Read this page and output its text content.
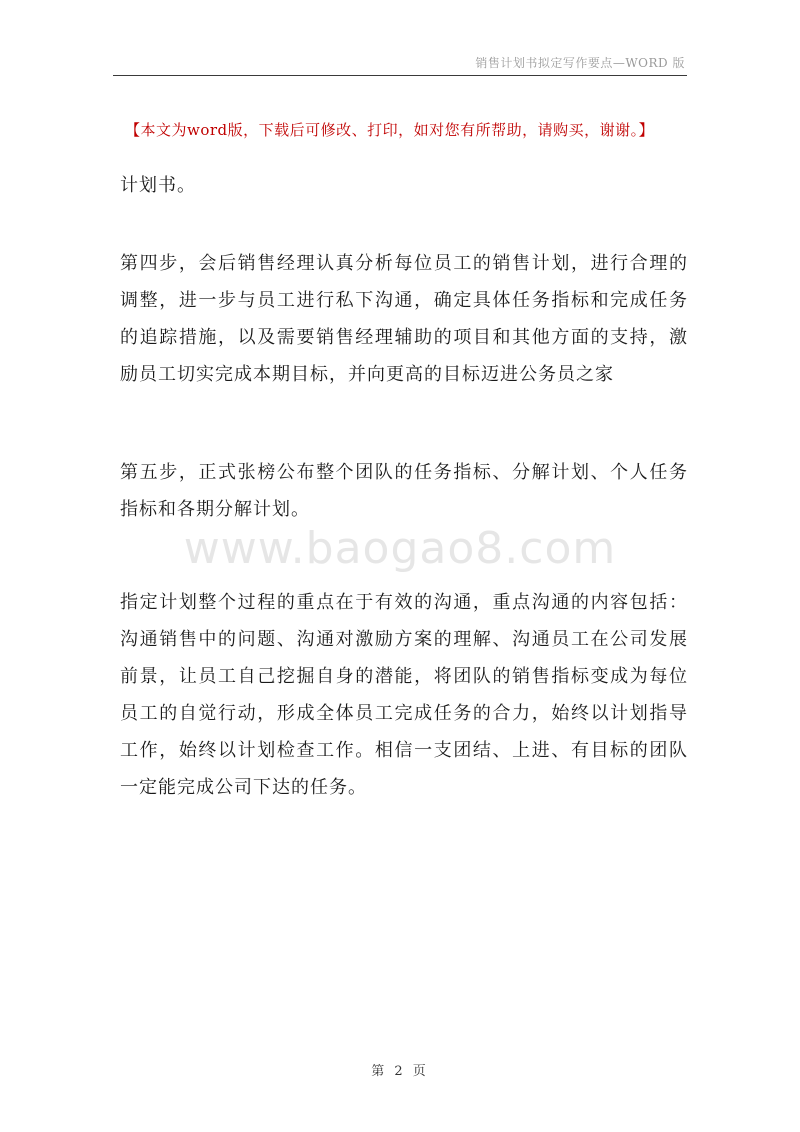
销售计划书拟定写作要点—WORD 版
【本文为word版，下载后可修改、打印，如对您有所帮助，请购买，谢谢。】

计划书。

第四步，会后销售经理认真分析每位员工的销售计划，进行合理的调整，进一步与员工进行私下沟通，确定具体任务指标和完成任务的追踪措施，以及需要销售经理辅助的项目和其他方面的支持，激励员工切实完成本期目标，并向更高的目标迈进公务员之家

第五步，正式张榜公布整个团队的任务指标、分解计划、个人任务指标和各期分解计划。

www.baogao8.com

指定计划整个过程的重点在于有效的沟通，重点沟通的内容包括：沟通销售中的问题、沟通对激励方案的理解、沟通员工在公司发展前景，让员工自己挖掘自身的潜能，将团队的销售指标变成为每位员工的自觉行动，形成全体员工完成任务的合力，始终以计划指导工作，始终以计划检查工作。相信一支团结、上进、有目标的团队一定能完成公司下达的任务。

第 2 页
